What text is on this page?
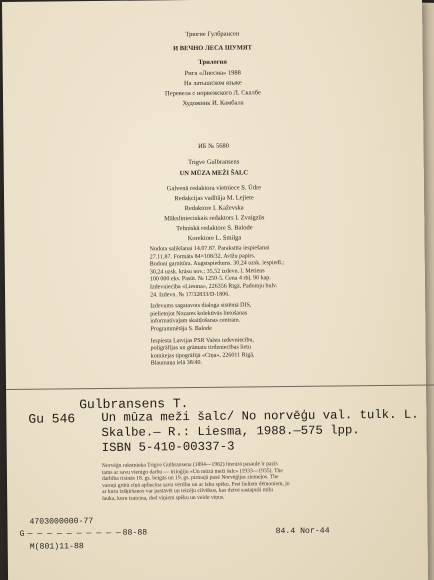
Трюгве Гулбрансен
И ВЕЧНО ЛЕСА ШУМЯТ
Трилогия
Рига «Лиесма» 1988
На латышском языке
Перевела с норвежского Л. Скалбе
Художник И. Камбала
ИБ № 5680
Trigve Gulbransens
UN MŪZA MEŽI ŠALC
Galvenā redaktora vietniece S. Ūdre
Redakcijas vadītāja M. Lejiete
Redaktore I. Kaževska
Mākslinieciskais redaktors I. Zvaigzūs
Tehniskā redaktore S. Balode
Korektore L. Smilga
Nodota salikšanai 14.07.87. Parakstīta iespiešanai
27.11.87. Formāts 84×108/32. Avīžu papīrs.
Bodoni garnitūra. Augstspiedums. 30,24 uzsk. iespiedl.;
30,24 uzsk. krāsu nov.; 35,52 izdevn. l. Metiens
100 000 eks. Pasūt. № 1250-5. Cena 4 rbļ. 90 kap.
Izdevniecība «Liesma», 226356 Rīgā, Padomju bulv.
24. Izdevn. № 17/32833/D-1806.
Izdevums sagatavots dialoga sistēmā DIS,
pielietojot Nozares kolektīvās lietošanas
informatīvajam skaitļošanas centram.
Programmētāja S. Balode
Iespiesta Latvijas PSR Valsts izdevniecību,
poligrāfijas un grāmatu tirdzniecības lietu
komitejas tipogrāfijā «Cīņa», 226011 Rīgā,
Blaumaņa ielā 38/40.
Gulbransens T.
Gu 546 Un mūza meži šalc/ No norvēģu val. tulk. L.
Skalbe.— R.: Liesma, 1988.—575 lpp.
ISBN 5-410-00337-3
Norvēģu rakstnieka Trigve Gulbransena (1894—1962) literārā pasaulē ir pazīs
tams ar savu vienigo darbu — triloģiju «Un mūzā meži šalc» (1933—1935). The
darbība risinās 18. gs. beigās un 19. gs. pirmajā pusē Norvēģijas ziemeļos. The
varoņi grūtā cīņā apliecina savu vērtību un ar labu spēku. Pret lieliem dēmoniem, jo
ar kuru izšķiršanos var pastāvēt un teicēju cilvēkus, kas dzīvē sastapuši mīlu
lauka, kuru izaicina, dod viņiem spēku un veido viņus.
4703000000-77
G — — — — — — — — — — 88-88
M(801)11-88
84.4 Nor-44
